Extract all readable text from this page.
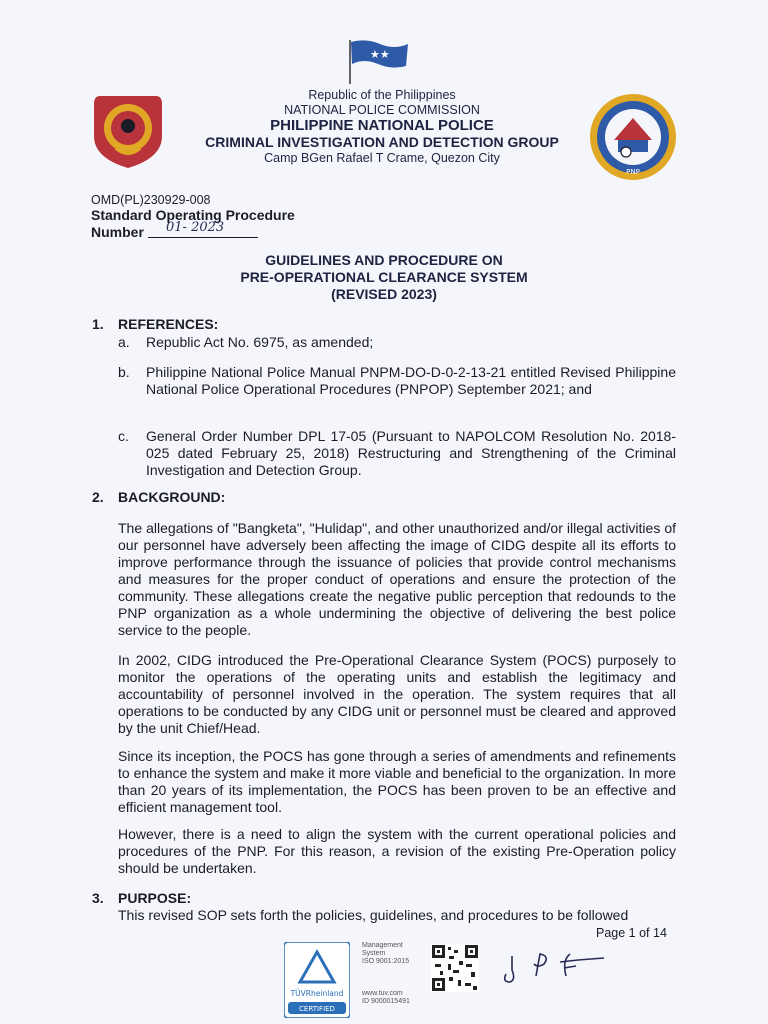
★★
PNP
Republic of the Philippines
NATIONAL POLICE COMMISSION
PHILIPPINE NATIONAL POLICE
CRIMINAL INVESTIGATION AND DETECTION GROUP
Camp BGen Rafael T Crame, Quezon City
OMD(PL)230929-008
Standard Operating Procedure
Number	01- 2023
GUIDELINES AND PROCEDURE ON
PRE-OPERATIONAL CLEARANCE SYSTEM
(REVISED 2023)
1. REFERENCES:
a. Republic Act No. 6975, as amended;
b. Philippine National Police Manual PNPM-DO-D-0-2-13-21 entitled Revised Philippine National Police Operational Procedures (PNPOP) September 2021; and
c. General Order Number DPL 17-05 (Pursuant to NAPOLCOM Resolution No. 2018-025 dated February 25, 2018) Restructuring and Strengthening of the Criminal Investigation and Detection Group.
2. BACKGROUND:
The allegations of "Bangketa", "Hulidap", and other unauthorized and/or illegal activities of our personnel have adversely been affecting the image of CIDG despite all its efforts to improve performance through the issuance of policies that provide control mechanisms and measures for the proper conduct of operations and ensure the protection of the community. These allegations create the negative public perception that redounds to the PNP organization as a whole undermining the objective of delivering the best police service to the people.
In 2002, CIDG introduced the Pre-Operational Clearance System (POCS) purposely to monitor the operations of the operating units and establish the legitimacy and accountability of personnel involved in the operation. The system requires that all operations to be conducted by any CIDG unit or personnel must be cleared and approved by the unit Chief/Head.
Since its inception, the POCS has gone through a series of amendments and refinements to enhance the system and make it more viable and beneficial to the organization. In more than 20 years of its implementation, the POCS has been proven to be an effective and efficient management tool.
However, there is a need to align the system with the current operational policies and procedures of the PNP. For this reason, a revision of the existing Pre-Operation policy should be undertaken.
3. PURPOSE:
This revised SOP sets forth the policies, guidelines, and procedures to be followed
Page 1 of 14
TÜVRheinland
CERTIFIED
Management
System
ISO 9001:2015
www.tuv.com
ID 9000015491
